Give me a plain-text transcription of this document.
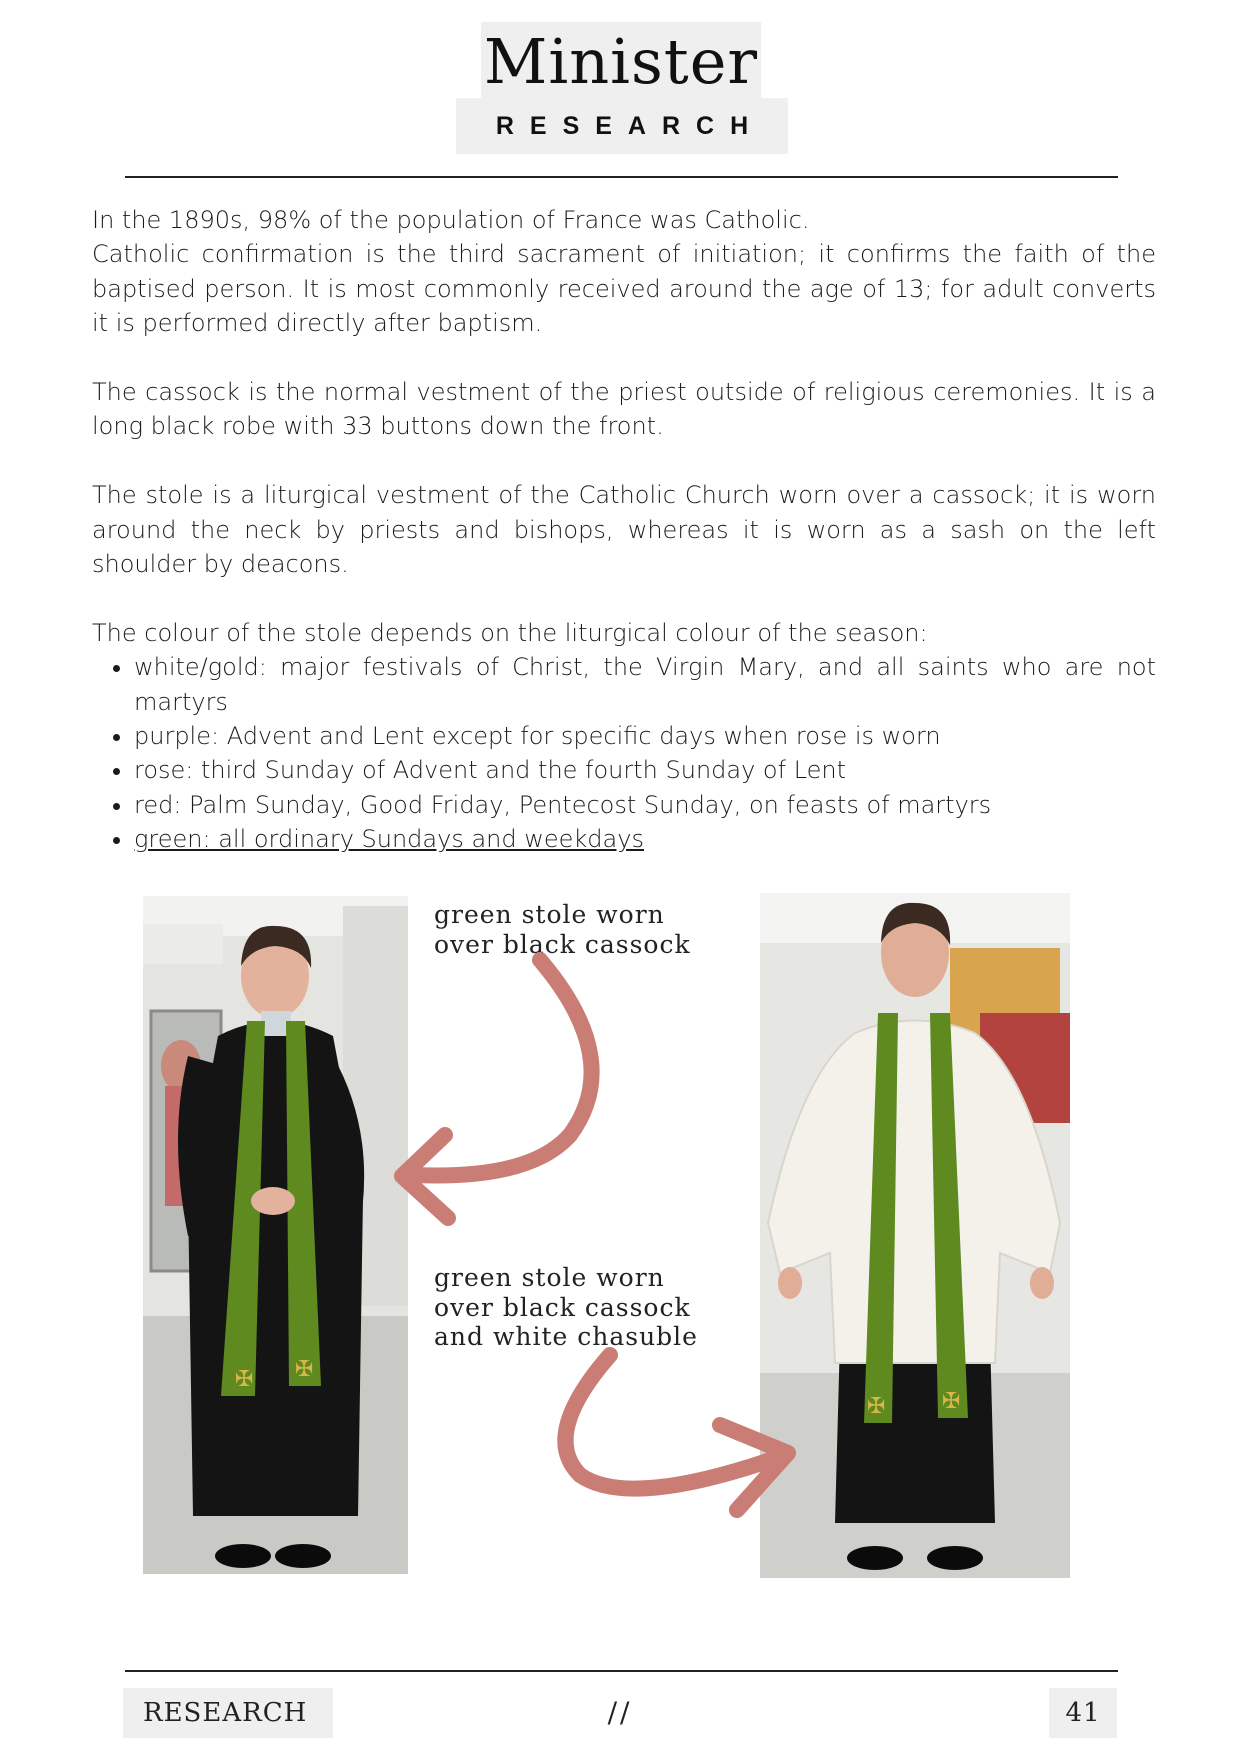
Minister
RESEARCH

In the 1890s, 98% of the population of France was Catholic.

Catholic confirmation is the third sacrament of initiation; it confirms the faith of the baptised person. It is most commonly received around the age of 13; for adult converts it is performed directly after baptism.

The cassock is the normal vestment of the priest outside of religious ceremonies. It is a long black robe with 33 buttons down the front.

The stole is a liturgical vestment of the Catholic Church worn over a cassock; it is worn around the neck by priests and bishops, whereas it is worn as a sash on the left shoulder by deacons.

The colour of the stole depends on the liturgical colour of the season:

• white/gold: major festivals of Christ, the Virgin Mary, and all saints who are not martyrs
• purple: Advent and Lent except for specific days when rose is worn
• rose: third Sunday of Advent and the fourth Sunday of Lent
• red: Palm Sunday, Good Friday, Pentecost Sunday, on feasts of martyrs
• green: all ordinary Sundays and weekdays
✠ ✠
✠	✠
green stole worn
over black cassock
green stole worn
over black cassock
and white chasuble
RESEARCH	//	41
